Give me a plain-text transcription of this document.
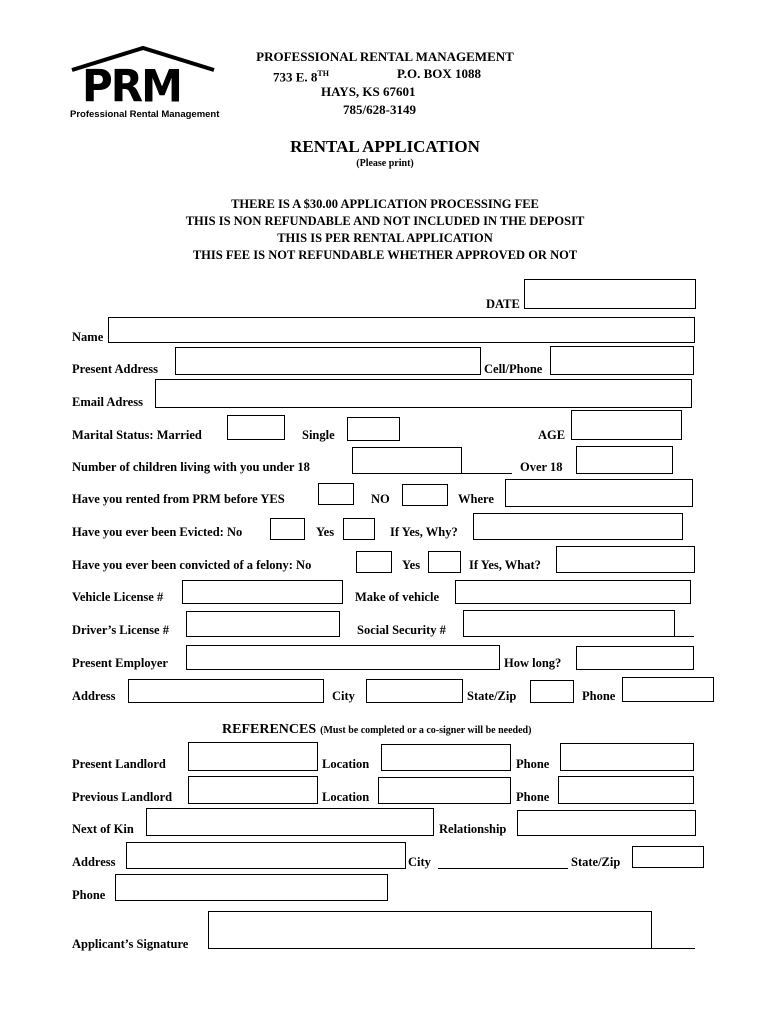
PRM
Professional Rental Management
PROFESSIONAL RENTAL MANAGEMENT
733 E. 8TH	P.O. BOX 1088
HAYS, KS 67601
785/628-3149
RENTAL APPLICATION
(Please print)
THERE IS A $30.00 APPLICATION PROCESSING FEE
THIS IS NON REFUNDABLE AND NOT INCLUDED IN THE DEPOSIT
THIS IS PER RENTAL APPLICATION
THIS FEE IS NOT REFUNDABLE WHETHER APPROVED OR NOT
DATE
Name
Present Address	Cell/Phone
Email Adress
Marital Status: Married	Single	AGE
Number of children living with you under 18	Over 18
Have you rented from PRM before YES	NO	Where
Have you ever been Evicted: No	Yes	If Yes, Why?
Have you ever been convicted of a felony: No	Yes	If Yes, What?
Vehicle License #	Make of vehicle
Driver’s License #	Social Security #
Present Employer	How long?
Address	City	State/Zip	Phone
REFERENCES (Must be completed or a co-signer will be needed)
Present Landlord	Location	Phone
Previous Landlord	Location	Phone
Next of Kin	Relationship
Address	City	State/Zip
Phone
Applicant’s Signature
